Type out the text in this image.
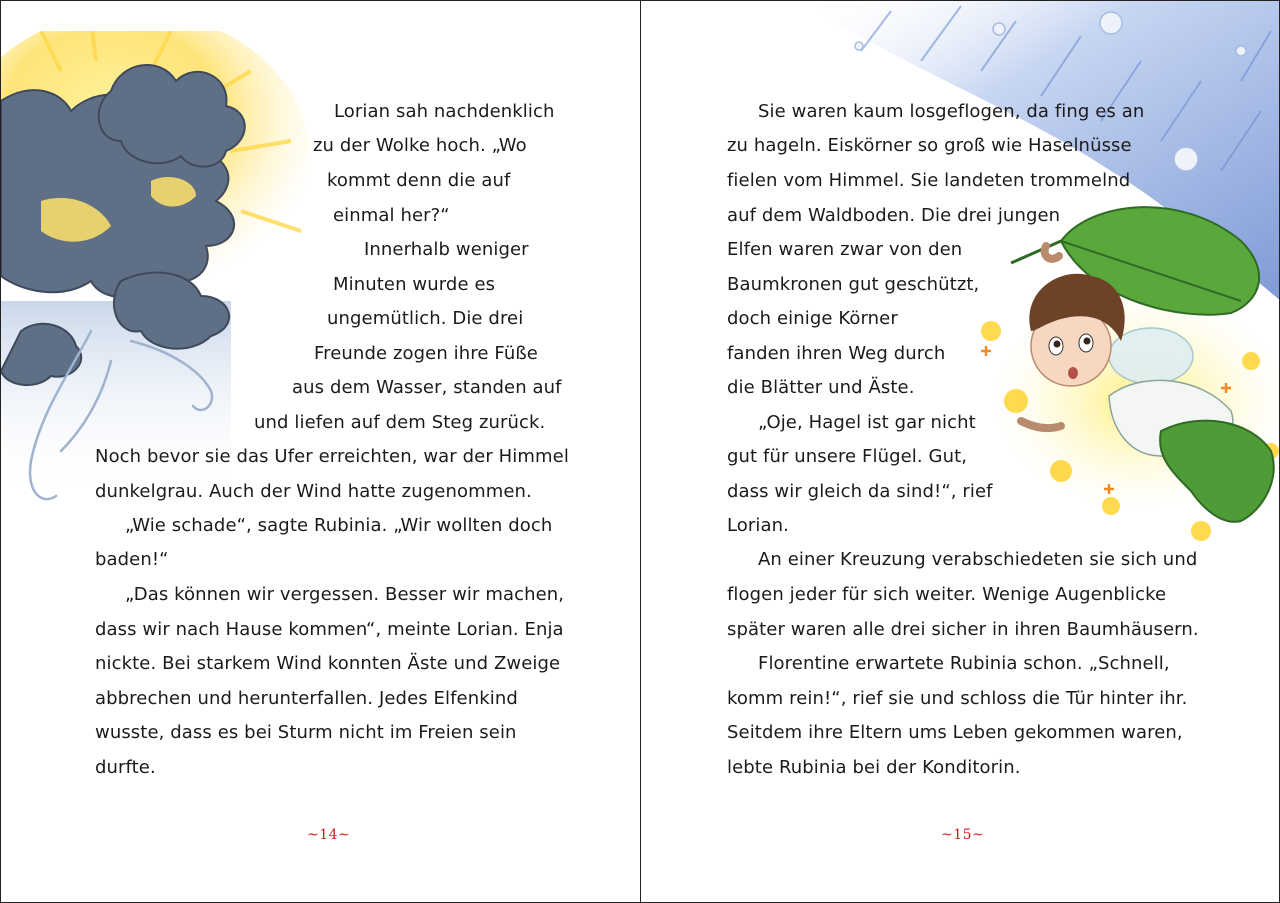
Lorian sah nachdenklich
zu der Wolke hoch. „Wo
kommt denn die auf
einmal her?“
Innerhalb weniger
Minuten wurde es
ungemütlich. Die drei
Freunde zogen ihre Füße
aus dem Wasser, standen auf
und liefen auf dem Steg zurück.
Noch bevor sie das Ufer erreichten, war der Himmel
dunkelgrau. Auch der Wind hatte zugenommen.
„Wie schade“, sagte Rubinia. „Wir wollten doch
baden!“
„Das können wir vergessen. Besser wir machen,
dass wir nach Hause kommen“, meinte Lorian. Enja
nickte. Bei starkem Wind konnten Äste und Zweige
abbrechen und herunterfallen. Jedes Elfenkind
wusste, dass es bei Sturm nicht im Freien sein
durfte.
~14~
Sie waren kaum losgeflogen, da fing es an
zu hageln. Eiskörner so groß wie Haselnüsse
fielen vom Himmel. Sie landeten trommelnd
auf dem Waldboden. Die drei jungen
Elfen waren zwar von den
Baumkronen gut geschützt,
doch einige Körner
fanden ihren Weg durch
die Blätter und Äste.
„Oje, Hagel ist gar nicht
gut für unsere Flügel. Gut,
dass wir gleich da sind!“, rief
Lorian.
An einer Kreuzung verabschiedeten sie sich und
flogen jeder für sich weiter. Wenige Augenblicke
später waren alle drei sicher in ihren Baumhäusern.
Florentine erwartete Rubinia schon. „Schnell,
komm rein!“, rief sie und schloss die Tür hinter ihr.
Seitdem ihre Eltern ums Leben gekommen waren,
lebte Rubinia bei der Konditorin.
~15~
